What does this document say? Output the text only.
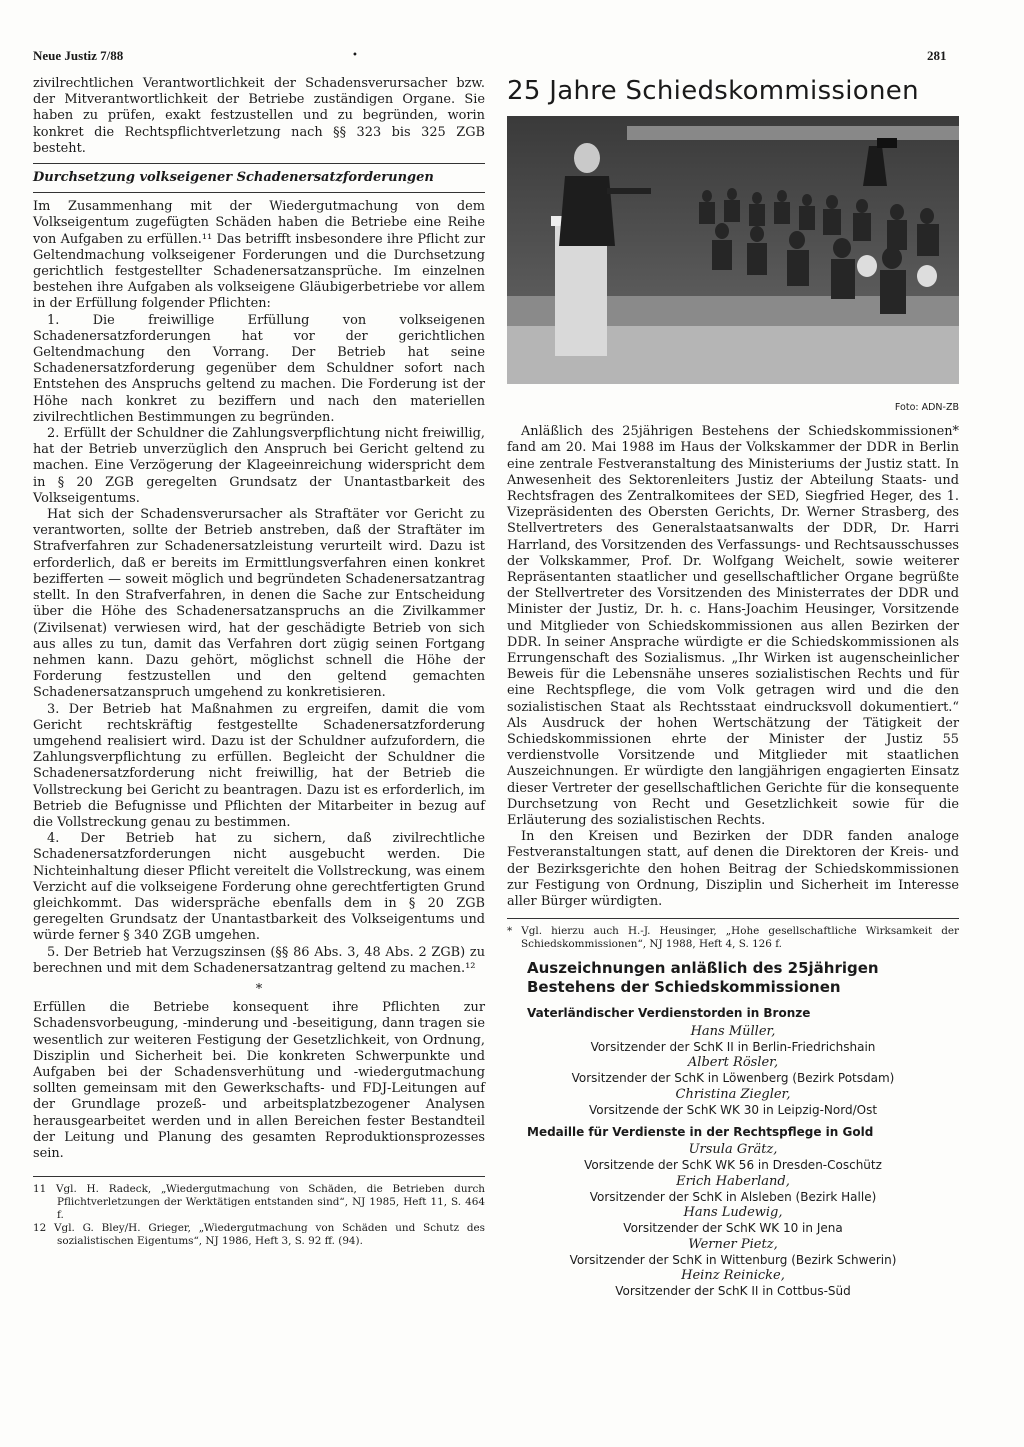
Neue Justiz 7/88	•	281

zivilrechtlichen Verantwortlichkeit der Schadensverursacher bzw. der Mitverantwortlichkeit der Betriebe zuständigen Organe. Sie haben zu prüfen, exakt festzustellen und zu begründen, worin konkret die Rechtspflichtverletzung nach §§ 323 bis 325 ZGB besteht.

Durchsetzung volkseigener Schadenersatzforderungen

Im Zusammenhang mit der Wiedergutmachung von dem Volkseigentum zugefügten Schäden haben die Betriebe eine Reihe von Aufgaben zu erfüllen.¹¹ Das betrifft insbesondere ihre Pflicht zur Geltendmachung volkseigener Forderungen und die Durchsetzung gerichtlich festgestellter Schadenersatzansprüche. Im einzelnen bestehen ihre Aufgaben als volkseigene Gläubigerbetriebe vor allem in der Erfüllung folgender Pflichten:

1. Die freiwillige Erfüllung von volkseigenen Schadenersatzforderungen hat vor der gerichtlichen Geltendmachung den Vorrang. Der Betrieb hat seine Schadenersatzforderung gegenüber dem Schuldner sofort nach Entstehen des Anspruchs geltend zu machen. Die Forderung ist der Höhe nach konkret zu beziffern und nach den materiellen zivilrechtlichen Bestimmungen zu begründen.

2. Erfüllt der Schuldner die Zahlungsverpflichtung nicht freiwillig, hat der Betrieb unverzüglich den Anspruch bei Gericht geltend zu machen. Eine Verzögerung der Klageeinreichung widerspricht dem in § 20 ZGB geregelten Grundsatz der Unantastbarkeit des Volkseigentums.

Hat sich der Schadensverursacher als Straftäter vor Gericht zu verantworten, sollte der Betrieb anstreben, daß der Straftäter im Strafverfahren zur Schadenersatzleistung verurteilt wird. Dazu ist erforderlich, daß er bereits im Ermittlungsverfahren einen konkret bezifferten — soweit möglich und begründeten Schadenersatzantrag stellt. In den Strafverfahren, in denen die Sache zur Entscheidung über die Höhe des Schadenersatzanspruchs an die Zivilkammer (Zivilsenat) verwiesen wird, hat der geschädigte Betrieb von sich aus alles zu tun, damit das Verfahren dort zügig seinen Fortgang nehmen kann. Dazu gehört, möglichst schnell die Höhe der Forderung festzustellen und den geltend gemachten Schadenersatzanspruch umgehend zu konkretisieren.

3. Der Betrieb hat Maßnahmen zu ergreifen, damit die vom Gericht rechtskräftig festgestellte Schadenersatzforderung umgehend realisiert wird. Dazu ist der Schuldner aufzufordern, die Zahlungsverpflichtung zu erfüllen. Begleicht der Schuldner die Schadenersatzforderung nicht freiwillig, hat der Betrieb die Vollstreckung bei Gericht zu beantragen. Dazu ist es erforderlich, im Betrieb die Befugnisse und Pflichten der Mitarbeiter in bezug auf die Vollstreckung genau zu bestimmen.

4. Der Betrieb hat zu sichern, daß zivilrechtliche Schadenersatzforderungen nicht ausgebucht werden. Die Nichteinhaltung dieser Pflicht vereitelt die Vollstreckung, was einem Verzicht auf die volkseigene Forderung ohne gerechtfertigten Grund gleichkommt. Das widerspräche ebenfalls dem in § 20 ZGB geregelten Grundsatz der Unantastbarkeit des Volkseigentums und würde ferner § 340 ZGB umgehen.

5. Der Betrieb hat Verzugszinsen (§§ 86 Abs. 3, 48 Abs. 2 ZGB) zu berechnen und mit dem Schadenersatzantrag geltend zu machen.¹²

*

Erfüllen die Betriebe konsequent ihre Pflichten zur Schadensvorbeugung, -minderung und -beseitigung, dann tragen sie wesentlich zur weiteren Festigung der Gesetzlichkeit, von Ordnung, Disziplin und Sicherheit bei. Die konkreten Schwerpunkte und Aufgaben bei der Schadensverhütung und -wiedergutmachung sollten gemeinsam mit den Gewerkschafts- und FDJ-Leitungen auf der Grundlage prozeß- und arbeitsplatzbezogener Analysen herausgearbeitet werden und in allen Bereichen fester Bestandteil der Leitung und Planung des gesamten Reproduktionsprozesses sein.

11 Vgl. H. Radeck, „Wiedergutmachung von Schäden, die Betrieben durch Pflichtverletzungen der Werktätigen entstanden sind“, NJ 1985, Heft 11, S. 464 f.

12 Vgl. G. Bley/H. Grieger, „Wiedergutmachung von Schäden und Schutz des sozialistischen Eigentums“, NJ 1986, Heft 3, S. 92 ff. (94).

25 Jahre Schiedskommissionen
Foto: ADN-ZB

Anläßlich des 25jährigen Bestehens der Schiedskommissionen* fand am 20. Mai 1988 im Haus der Volkskammer der DDR in Berlin eine zentrale Festveranstaltung des Ministeriums der Justiz statt. In Anwesenheit des Sektorenleiters Justiz der Abteilung Staats- und Rechtsfragen des Zentralkomitees der SED, Siegfried Heger, des 1. Vizepräsidenten des Obersten Gerichts, Dr. Werner Strasberg, des Stellvertreters des Generalstaatsanwalts der DDR, Dr. Harri Harrland, des Vorsitzenden des Verfassungs- und Rechtsausschusses der Volkskammer, Prof. Dr. Wolfgang Weichelt, sowie weiterer Repräsentanten staatlicher und gesellschaftlicher Organe begrüßte der Stellvertreter des Vorsitzenden des Ministerrates der DDR und Minister der Justiz, Dr. h. c. Hans-Joachim Heusinger, Vorsitzende und Mitglieder von Schiedskommissionen aus allen Bezirken der DDR. In seiner Ansprache würdigte er die Schiedskommissionen als Errungenschaft des Sozialismus. „Ihr Wirken ist augenscheinlicher Beweis für die Lebensnähe unseres sozialistischen Rechts und für eine Rechtspflege, die vom Volk getragen wird und die den sozialistischen Staat als Rechtsstaat eindrucksvoll dokumentiert.“ Als Ausdruck der hohen Wertschätzung der Tätigkeit der Schiedskommissionen ehrte der Minister der Justiz 55 verdienstvolle Vorsitzende und Mitglieder mit staatlichen Auszeichnungen. Er würdigte den langjährigen engagierten Einsatz dieser Vertreter der gesellschaftlichen Gerichte für die konsequente Durchsetzung von Recht und Gesetzlichkeit sowie für die Erläuterung des sozialistischen Rechts.

In den Kreisen und Bezirken der DDR fanden analoge Festveranstaltungen statt, auf denen die Direktoren der Kreis- und der Bezirksgerichte den hohen Beitrag der Schiedskommissionen zur Festigung von Ordnung, Disziplin und Sicherheit im Interesse aller Bürger würdigten.

* Vgl. hierzu auch H.-J. Heusinger, „Hohe gesellschaftliche Wirksamkeit der Schiedskommissionen“, NJ 1988, Heft 4, S. 126 f.

Auszeichnungen anläßlich des 25jährigen Bestehens der Schiedskommissionen
Vaterländischer Verdienstorden in Bronze

Hans Müller,

Vorsitzender der SchK II in Berlin-Friedrichshain

Albert Rösler,

Vorsitzender der SchK in Löwenberg (Bezirk Potsdam)

Christina Ziegler,

Vorsitzende der SchK WK 30 in Leipzig-Nord/Ost

Medaille für Verdienste in der Rechtspflege in Gold

Ursula Grätz,

Vorsitzende der SchK WK 56 in Dresden-Coschütz

Erich Haberland,

Vorsitzender der SchK in Alsleben (Bezirk Halle)

Hans Ludewig,

Vorsitzender der SchK WK 10 in Jena

Werner Pietz,

Vorsitzender der SchK in Wittenburg (Bezirk Schwerin)

Heinz Reinicke,

Vorsitzender der SchK II in Cottbus-Süd
